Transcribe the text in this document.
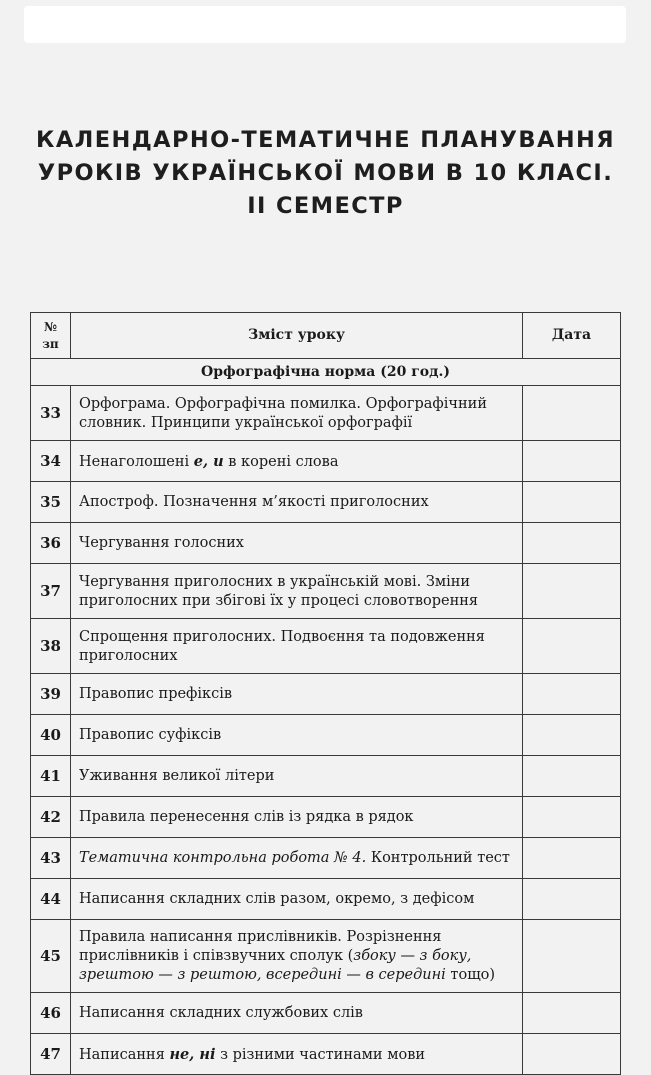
КАЛЕНДАРНО-ТЕМАТИЧНЕ ПЛАНУВАННЯ
УРОКІВ УКРАЇНСЬКОЇ МОВИ В 10 КЛАСІ.
ІІ СЕМЕСТР
№
зп	Зміст уроку	Дата
Орфографічна норма (20 год.)		
33	Орфограма. Орфографічна помилка. Орфографічний
словник. Принципи української орфографії	
34	Ненаголошені е, и в корені слова	
35	Апостроф. Позначення м’якості приголосних	
36	Чергування голосних	
37	Чергування приголосних в українській мові. Зміни
приголосних при збігові їх у процесі словотворення	
38	Спрощення приголосних. Подвоєння та подовження
приголосних	
39	Правопис префіксів	
40	Правопис суфіксів	
41	Уживання великої літери	
42	Правила перенесення слів із рядка в рядок	
43	Тематична контрольна робота № 4. Контрольний тест	
44	Написання складних слів разом, окремо, з дефісом	
45	Правила написання прислівників. Розрізнення
прислівників і співзвучних сполук (збоку — з боку,
зрештою — з рештою, всередині — в середині тощо)	
46	Написання складних службових слів	
47	Написання не, ні з різними частинами мови	
